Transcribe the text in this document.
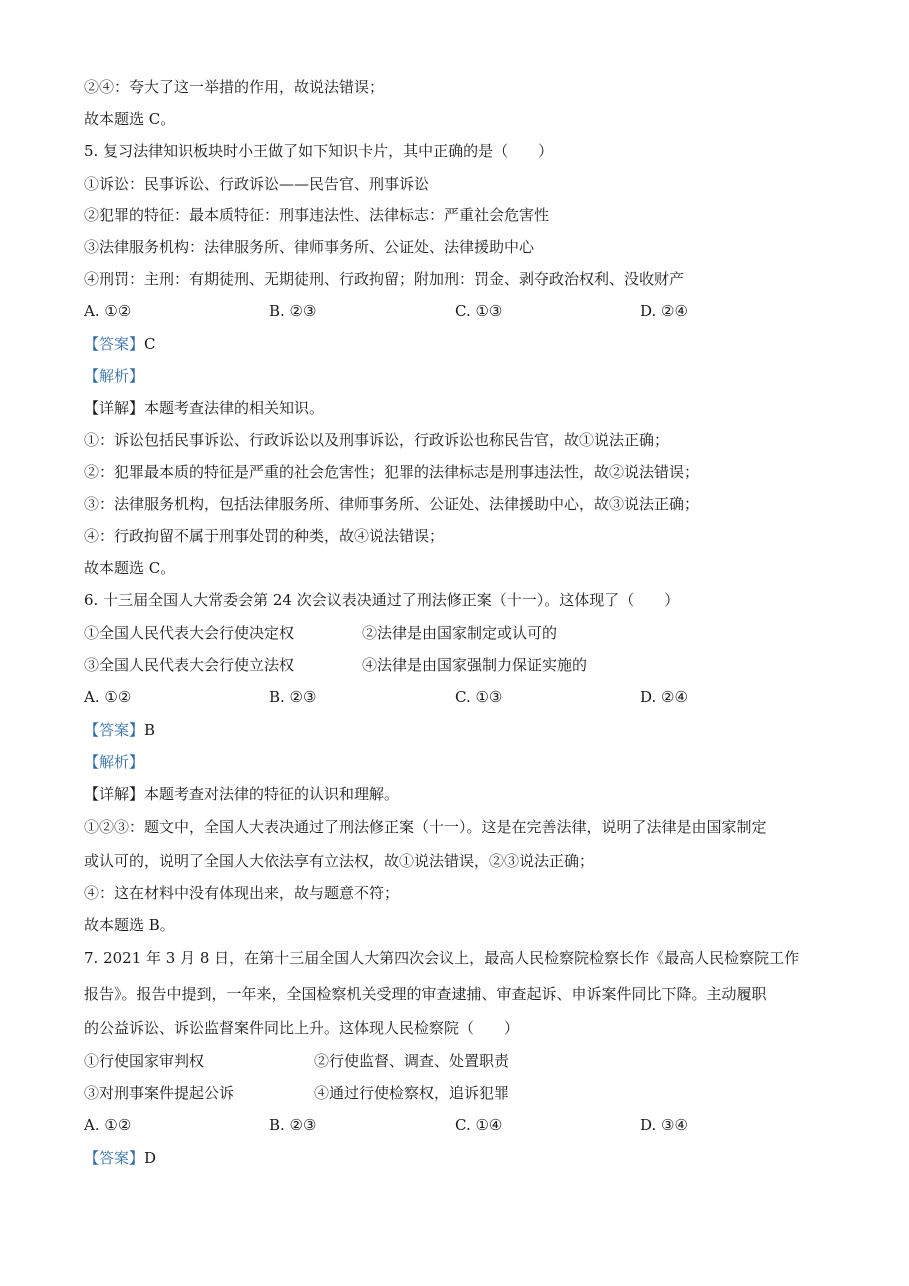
②④：夸大了这一举措的作用，故说法错误；
故本题选 C。
5. 复习法律知识板块时小王做了如下知识卡片，其中正确的是（　　）
①诉讼：民事诉讼、行政诉讼——民告官、刑事诉讼
②犯罪的特征：最本质特征：刑事违法性、法律标志：严重社会危害性
③法律服务机构：法律服务所、律师事务所、公证处、法律援助中心
④刑罚：主刑：有期徒刑、无期徒刑、行政拘留；附加刑：罚金、剥夺政治权利、没收财产
A. ①②	B. ②③	C. ①③	D. ②④
【答案】C
【解析】
【详解】本题考查法律的相关知识。
①：诉讼包括民事诉讼、行政诉讼以及刑事诉讼，行政诉讼也称民告官，故①说法正确；
②：犯罪最本质的特征是严重的社会危害性；犯罪的法律标志是刑事违法性，故②说法错误；
③：法律服务机构，包括法律服务所、律师事务所、公证处、法律援助中心，故③说法正确；
④：行政拘留不属于刑事处罚的种类，故④说法错误；
故本题选 C。
6. 十三届全国人大常委会第 24 次会议表决通过了刑法修正案（十一）。这体现了（　　）
①全国人民代表大会行使决定权	②法律是由国家制定或认可的
③全国人民代表大会行使立法权	④法律是由国家强制力保证实施的
A. ①②	B. ②③	C. ①③	D. ②④
【答案】B
【解析】
【详解】本题考查对法律的特征的认识和理解。
①②③：题文中，全国人大表决通过了刑法修正案（十一）。这是在完善法律，说明了法律是由国家制定
或认可的，说明了全国人大依法享有立法权，故①说法错误，②③说法正确；
④：这在材料中没有体现出来，故与题意不符；
故本题选 B。
7. 2021 年 3 月 8 日，在第十三届全国人大第四次会议上，最高人民检察院检察长作《最高人民检察院工作
报告》。报告中提到，一年来，全国检察机关受理的审查逮捕、审查起诉、申诉案件同比下降。主动履职
的公益诉讼、诉讼监督案件同比上升。这体现人民检察院（　　）
①行使国家审判权	②行使监督、调查、处置职责
③对刑事案件提起公诉	④通过行使检察权，追诉犯罪
A. ①②	B. ②③	C. ①④	D. ③④
【答案】D
